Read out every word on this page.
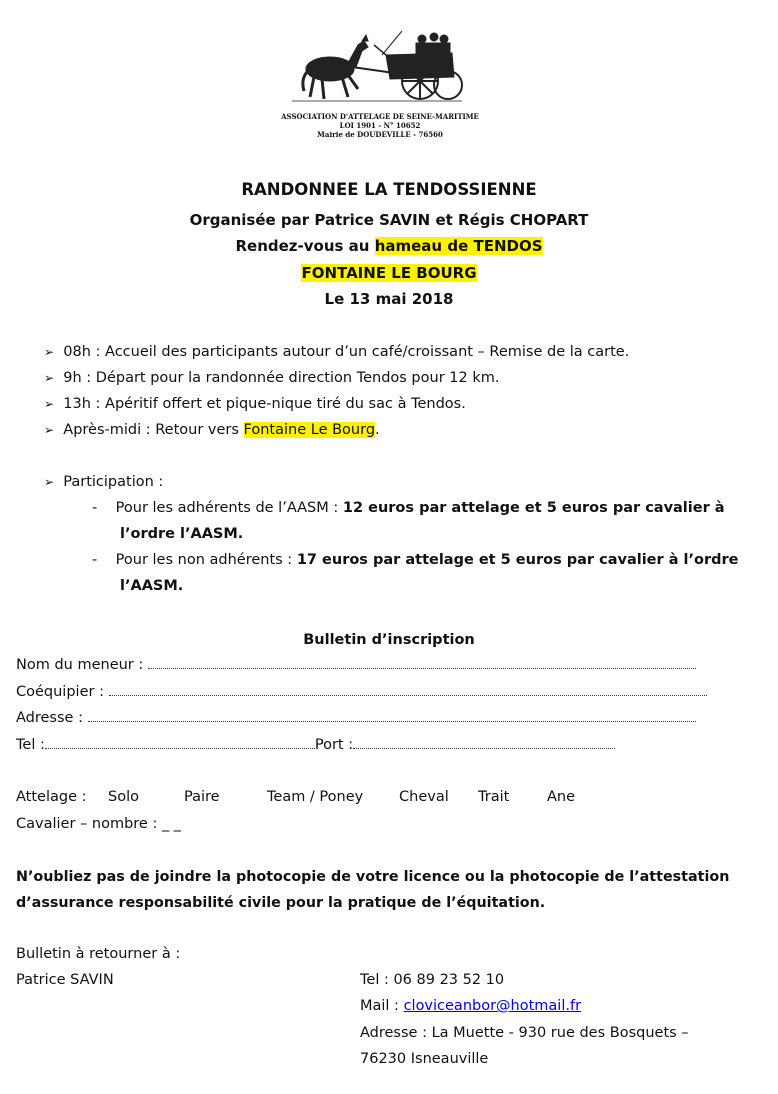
ASSOCIATION D'ATTELAGE DE SEINE-MARITIME
LOI 1901 - N° 10652
Mairie de DOUDEVILLE - 76560
RANDONNEE LA TENDOSSIENNE
Organisée par Patrice SAVIN et Régis CHOPART
Rendez-vous au hameau de TENDOS
FONTAINE LE BOURG
Le 13 mai 2018
➢ 08h : Accueil des participants autour d’un café/croissant – Remise de la carte.
➢ 9h : Départ pour la randonnée direction Tendos pour 12 km.
➢ 13h : Apéritif offert et pique-nique tiré du sac à Tendos.
➢ Après-midi : Retour vers Fontaine Le Bourg.
➢ Participation :
-    Pour les adhérents de l’AASM : 12 euros par attelage et 5 euros par cavalier à
l’ordre l’AASM.
-    Pour les non adhérents : 17 euros par attelage et 5 euros par cavalier à l’ordre
l’AASM.
Bulletin d’inscription
Nom du meneur :
Coéquipier :
Adresse :
Tel :	Port :
Attelage : Solo	Paire	Team / Poney Cheval Trait	Ane
Cavalier – nombre : _ _
N’oubliez pas de joindre la photocopie de votre licence ou la photocopie de l’attestation
d’assurance responsabilité civile pour la pratique de l’équitation.
Bulletin à retourner à :
Patrice SAVIN	Tel : 06 89 23 52 10
Mail : cloviceanbor@hotmail.fr
Adresse : La Muette - 930 rue des Bosquets –
76230 Isneauville
